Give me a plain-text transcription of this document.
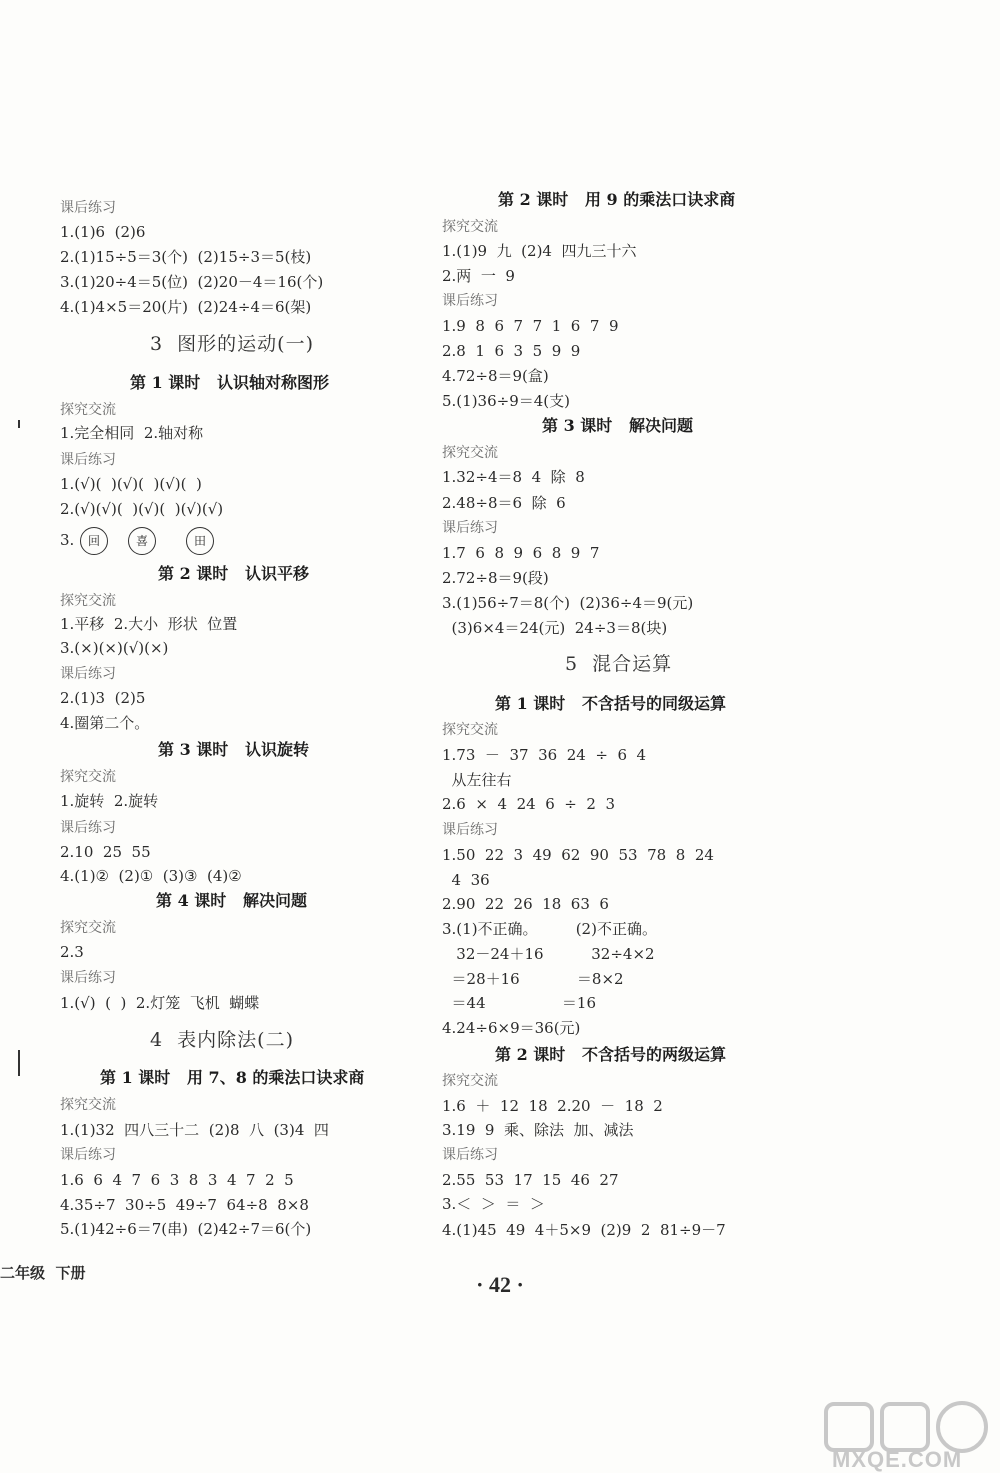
课后练习
1.(1)6  (2)6
2.(1)15÷5＝3(个)  (2)15÷3＝5(枝)
3.(1)20÷4＝5(位)  (2)20－4＝16(个)
4.(1)4×5＝20(片)  (2)24÷4＝6(架)
3  图形的运动(一)
第 1 课时   认识轴对称图形
探究交流
1.完全相同  2.轴对称
课后练习
1.(√)(  )(√)(  )(√)(  )
2.(√)(√)(  )(√)(  )(√)(√)
3.
第 2 课时   认识平移
探究交流
1.平移  2.大小  形状  位置
3.(×)(×)(√)(×)
课后练习
2.(1)3  (2)5
4.圈第二个。
第 3 课时   认识旋转
探究交流
1.旋转  2.旋转
课后练习
2.10  25  55
4.(1)②  (2)①  (3)③  (4)②
第 4 课时   解决问题
探究交流
2.3
课后练习
1.(√)  (  )  2.灯笼  飞机  蝴蝶
4  表内除法(二)
第 1 课时   用 7、8 的乘法口诀求商
探究交流
1.(1)32  四八三十二  (2)8  八  (3)4  四
课后练习
1.6  6  4  7  6  3  8  3  4  7  2  5
4.35÷7  30÷5  49÷7  64÷8  8×8
5.(1)42÷6＝7(串)  (2)42÷7＝6(个)
回	喜	田
第 2 课时   用 9 的乘法口诀求商
探究交流
1.(1)9  九  (2)4  四九三十六
2.两  一  9
课后练习
1.9  8  6  7  7  1  6  7  9
2.8  1  6  3  5  9  9
4.72÷8＝9(盒)
5.(1)36÷9＝4(支)
第 3 课时   解决问题
探究交流
1.32÷4＝8  4  除  8
2.48÷8＝6  除  6
课后练习
1.7  6  8  9  6  8  9  7
2.72÷8＝9(段)
3.(1)56÷7＝8(个)  (2)36÷4＝9(元)
(3)6×4＝24(元)  24÷3＝8(块)
5  混合运算
第 1 课时   不含括号的同级运算
探究交流
1.73  －  37  36  24  ÷  6  4
从左往右
2.6  ×  4  24  6  ÷  2  3
课后练习
1.50  22  3  49  62  90  53  78  8  24
4  36
2.90  22  26  18  63  6
3.(1)不正确。        (2)不正确。
32－24＋16          32÷4×2
＝28＋16            ＝8×2
＝44                ＝16
4.24÷6×9＝36(元)
第 2 课时   不含括号的两级运算
探究交流
1.6  ＋  12  18  2.20  －  18  2
3.19  9  乘、除法  加、减法
课后练习
2.55  53  17  15  46  27
3.＜  ＞  ＝  ＞
4.(1)45  49  4＋5×9  (2)9  2  81÷9－7
二年级  下册	· 42 ·
MXQE.COM
